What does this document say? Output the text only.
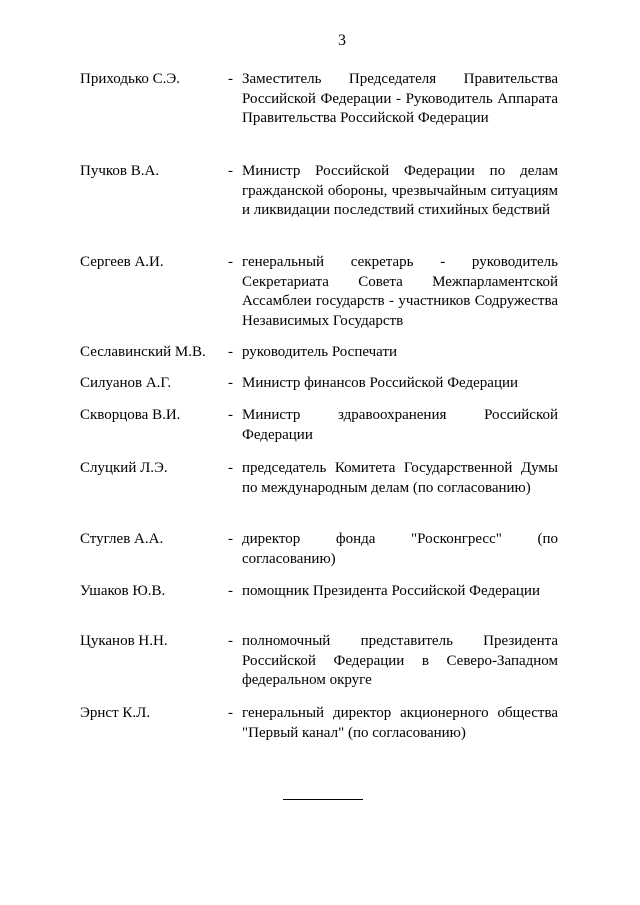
3
Приходько С.Э.	- Заместитель Председателя Правительства Российской Федерации - Руководитель Аппарата Правительства Российской Федерации
Пучков В.А.	- Министр Российской Федерации по делам гражданской обороны, чрезвычайным ситуациям и ликвидации последствий стихийных бедствий
Сергеев А.И.	- генеральный секретарь - руководитель Секретариата Совета Межпарламентской Ассамблеи государств - участников Содружества Независимых Государств
Сеславинский М.В. - руководитель Роспечати
Силуанов А.Г.	- Министр финансов Российской Федерации
Скворцова В.И.	- Министр здравоохранения Российской Федерации
Слуцкий Л.Э.	- председатель Комитета Государственной Думы по международным делам (по согласованию)
Стуглев А.А.	- директор фонда "Росконгресс" (по согласованию)
Ушаков Ю.В.	- помощник Президента Российской Федерации
Цуканов Н.Н.	- полномочный представитель Президента Российской Федерации в Северо-Западном федеральном округе
Эрнст К.Л.	- генеральный директор акционерного общества "Первый канал" (по согласованию)
